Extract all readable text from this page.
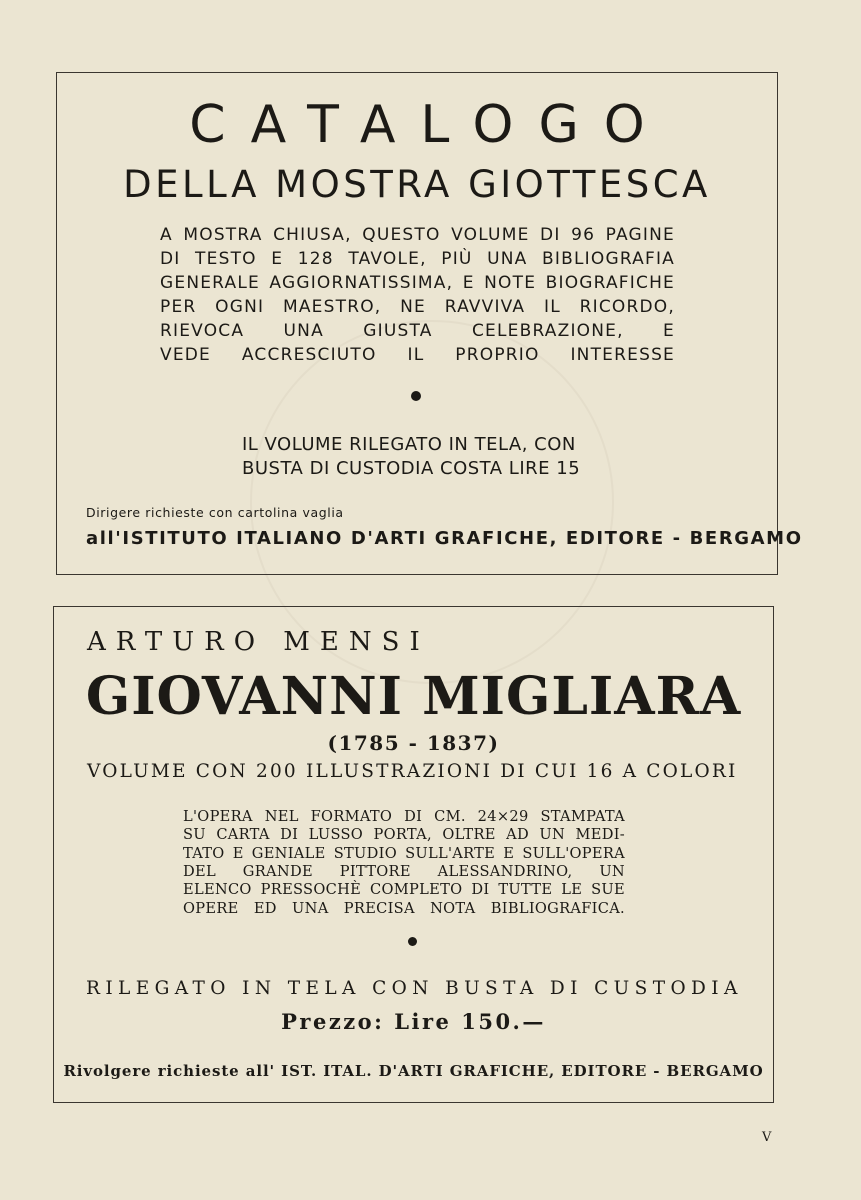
CATALOGO
DELLA MOSTRA GIOTTESCA
A MOSTRA CHIUSA, QUESTO VOLUME DI 96 PAGINE
DI TESTO E 128 TAVOLE, PIÙ UNA BIBLIOGRAFIA
GENERALE AGGIORNATISSIMA, E NOTE BIOGRAFICHE
PER OGNI MAESTRO, NE RAVVIVA IL RICORDO,
RIEVOCA UNA GIUSTA CELEBRAZIONE, E
VEDE ACCRESCIUTO IL PROPRIO INTERESSE
IL VOLUME RILEGATO IN TELA, CON
BUSTA DI CUSTODIA COSTA LIRE 15
Dirigere richieste con cartolina vaglia
all'ISTITUTO ITALIANO D'ARTI GRAFICHE, EDITORE - BERGAMO
ARTURO MENSI
GIOVANNI MIGLIARA
(1785 - 1837)
VOLUME CON 200 ILLUSTRAZIONI DI CUI 16 A COLORI
L'OPERA NEL FORMATO DI CM. 24×29 STAMPATA
SU CARTA DI LUSSO PORTA, OLTRE AD UN MEDI-
TATO E GENIALE STUDIO SULL'ARTE E SULL'OPERA
DEL GRANDE PITTORE ALESSANDRINO, UN
ELENCO PRESSOCHÈ COMPLETO DI TUTTE LE SUE
OPERE ED UNA PRECISA NOTA BIBLIOGRAFICA.
RILEGATO IN TELA CON BUSTA DI CUSTODIA
Prezzo: Lire 150.—
Rivolgere richieste all' IST. ITAL. D'ARTI GRAFICHE, EDITORE - BERGAMO
V
